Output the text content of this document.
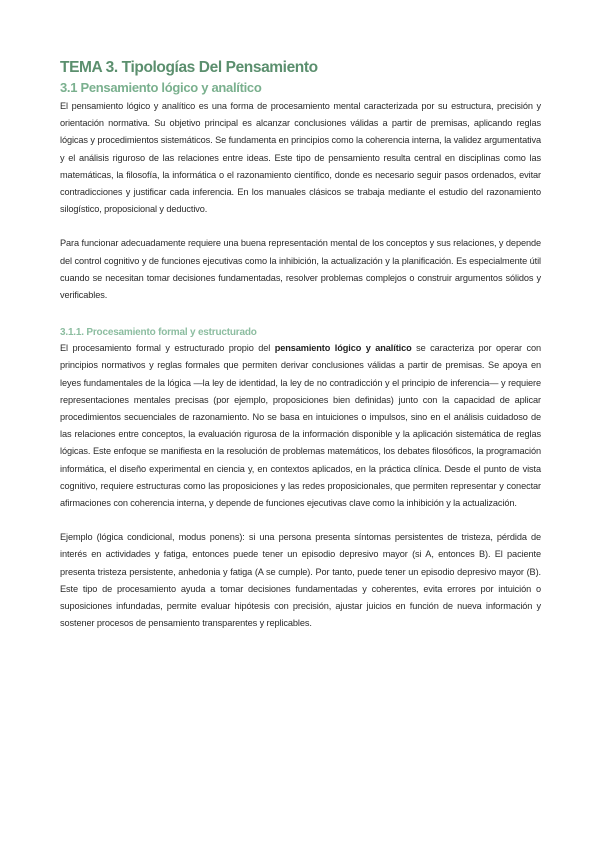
TEMA 3. Tipologías Del Pensamiento
3.1 Pensamiento lógico y analítico

El pensamiento lógico y analítico es una forma de procesamiento mental caracterizada por su estructura, precisión y orientación normativa. Su objetivo principal es alcanzar conclusiones válidas a partir de premisas, aplicando reglas lógicas y procedimientos sistemáticos. Se fundamenta en principios como la coherencia interna, la validez argumentativa y el análisis riguroso de las relaciones entre ideas. Este tipo de pensamiento resulta central en disciplinas como las matemáticas, la filosofía, la informática o el razonamiento científico, donde es necesario seguir pasos ordenados, evitar contradicciones y justificar cada inferencia. En los manuales clásicos se trabaja mediante el estudio del razonamiento silogístico, proposicional y deductivo.

Para funcionar adecuadamente requiere una buena representación mental de los conceptos y sus relaciones, y depende del control cognitivo y de funciones ejecutivas como la inhibición, la actualización y la planificación. Es especialmente útil cuando se necesitan tomar decisiones fundamentadas, resolver problemas complejos o construir argumentos sólidos y verificables.

3.1.1. Procesamiento formal y estructurado

El procesamiento formal y estructurado propio del pensamiento lógico y analítico se caracteriza por operar con principios normativos y reglas formales que permiten derivar conclusiones válidas a partir de premisas. Se apoya en leyes fundamentales de la lógica —la ley de identidad, la ley de no contradicción y el principio de inferencia— y requiere representaciones mentales precisas (por ejemplo, proposiciones bien definidas) junto con la capacidad de aplicar procedimientos secuenciales de razonamiento. No se basa en intuiciones o impulsos, sino en el análisis cuidadoso de las relaciones entre conceptos, la evaluación rigurosa de la información disponible y la aplicación sistemática de reglas lógicas. Este enfoque se manifiesta en la resolución de problemas matemáticos, los debates filosóficos, la programación informática, el diseño experimental en ciencia y, en contextos aplicados, en la práctica clínica. Desde el punto de vista cognitivo, requiere estructuras como las proposiciones y las redes proposicionales, que permiten representar y conectar afirmaciones con coherencia interna, y depende de funciones ejecutivas clave como la inhibición y la actualización.

Ejemplo (lógica condicional, modus ponens): si una persona presenta síntomas persistentes de tristeza, pérdida de interés en actividades y fatiga, entonces puede tener un episodio depresivo mayor (si A, entonces B). El paciente presenta tristeza persistente, anhedonia y fatiga (A se cumple). Por tanto, puede tener un episodio depresivo mayor (B). Este tipo de procesamiento ayuda a tomar decisiones fundamentadas y coherentes, evita errores por intuición o suposiciones infundadas, permite evaluar hipótesis con precisión, ajustar juicios en función de nueva información y sostener procesos de pensamiento transparentes y replicables.
